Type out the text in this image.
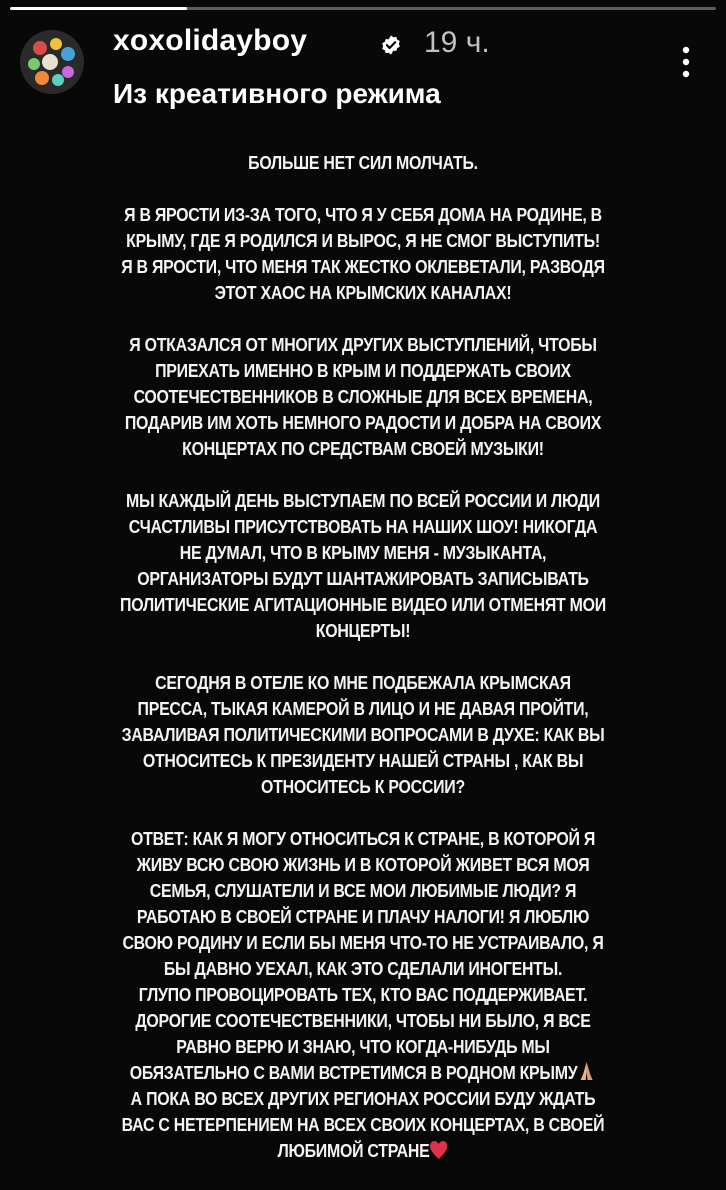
xoxolidayboy	19 ч.
Из креативного режима
БОЛЬШЕ НЕТ СИЛ МОЛЧАТЬ.
Я В ЯРОСТИ ИЗ-ЗА ТОГО, ЧТО Я У СЕБЯ ДОМА НА РОДИНЕ, В
КРЫМУ, ГДЕ Я РОДИЛСЯ И ВЫРОС, Я НЕ СМОГ ВЫСТУПИТЬ!
Я В ЯРОСТИ, ЧТО МЕНЯ ТАК ЖЕСТКО ОКЛЕВЕТАЛИ, РАЗВОДЯ
ЭТОТ ХАОС НА КРЫМСКИХ КАНАЛАХ!
Я ОТКАЗАЛСЯ ОТ МНОГИХ ДРУГИХ ВЫСТУПЛЕНИЙ, ЧТОБЫ
ПРИЕХАТЬ ИМЕННО В КРЫМ И ПОДДЕРЖАТЬ СВОИХ
СООТЕЧЕСТВЕННИКОВ В СЛОЖНЫЕ ДЛЯ ВСЕХ ВРЕМЕНА,
ПОДАРИВ ИМ ХОТЬ НЕМНОГО РАДОСТИ И ДОБРА НА СВОИХ
КОНЦЕРТАХ ПО СРЕДСТВАМ СВОЕЙ МУЗЫКИ!
МЫ КАЖДЫЙ ДЕНЬ ВЫСТУПАЕМ ПО ВСЕЙ РОССИИ И ЛЮДИ
СЧАСТЛИВЫ ПРИСУТСТВОВАТЬ НА НАШИХ ШОУ! НИКОГДА
НЕ ДУМАЛ, ЧТО В КРЫМУ МЕНЯ - МУЗЫКАНТА,
ОРГАНИЗАТОРЫ БУДУТ ШАНТАЖИРОВАТЬ ЗАПИСЫВАТЬ
ПОЛИТИЧЕСКИЕ АГИТАЦИОННЫЕ ВИДЕО ИЛИ ОТМЕНЯТ МОИ
КОНЦЕРТЫ!
СЕГОДНЯ В ОТЕЛЕ КО МНЕ ПОДБЕЖАЛА КРЫМСКАЯ
ПРЕССА, ТЫКАЯ КАМЕРОЙ В ЛИЦО И НЕ ДАВАЯ ПРОЙТИ,
ЗАВАЛИВАЯ ПОЛИТИЧЕСКИМИ ВОПРОСАМИ В ДУХЕ: КАК ВЫ
ОТНОСИТЕСЬ К ПРЕЗИДЕНТУ НАШЕЙ СТРАНЫ , КАК ВЫ
ОТНОСИТЕСЬ К РОССИИ?
ОТВЕТ: КАК Я МОГУ ОТНОСИТЬСЯ К СТРАНЕ, В КОТОРОЙ Я
ЖИВУ ВСЮ СВОЮ ЖИЗНЬ И В КОТОРОЙ ЖИВЕТ ВСЯ МОЯ
СЕМЬЯ, СЛУШАТЕЛИ И ВСЕ МОИ ЛЮБИМЫЕ ЛЮДИ? Я
РАБОТАЮ В СВОЕЙ СТРАНЕ И ПЛАЧУ НАЛОГИ! Я ЛЮБЛЮ
СВОЮ РОДИНУ И ЕСЛИ БЫ МЕНЯ ЧТО-ТО НЕ УСТРАИВАЛО, Я
БЫ ДАВНО УЕХАЛ, КАК ЭТО СДЕЛАЛИ ИНОГЕНТЫ.
ГЛУПО ПРОВОЦИРОВАТЬ ТЕХ, КТО ВАС ПОДДЕРЖИВАЕТ.
ДОРОГИЕ СООТЕЧЕСТВЕННИКИ, ЧТОБЫ НИ БЫЛО, Я ВСЕ
РАВНО ВЕРЮ И ЗНАЮ, ЧТО КОГДА-НИБУДЬ МЫ
ОБЯЗАТЕЛЬНО С ВАМИ ВСТРЕТИМСЯ В РОДНОМ КРЫМУ
А ПОКА ВО ВСЕХ ДРУГИХ РЕГИОНАХ РОССИИ БУДУ ЖДАТЬ
ВАС С НЕТЕРПЕНИЕМ НА ВСЕХ СВОИХ КОНЦЕРТАХ, В СВОЕЙ
ЛЮБИМОЙ СТРАНЕ
